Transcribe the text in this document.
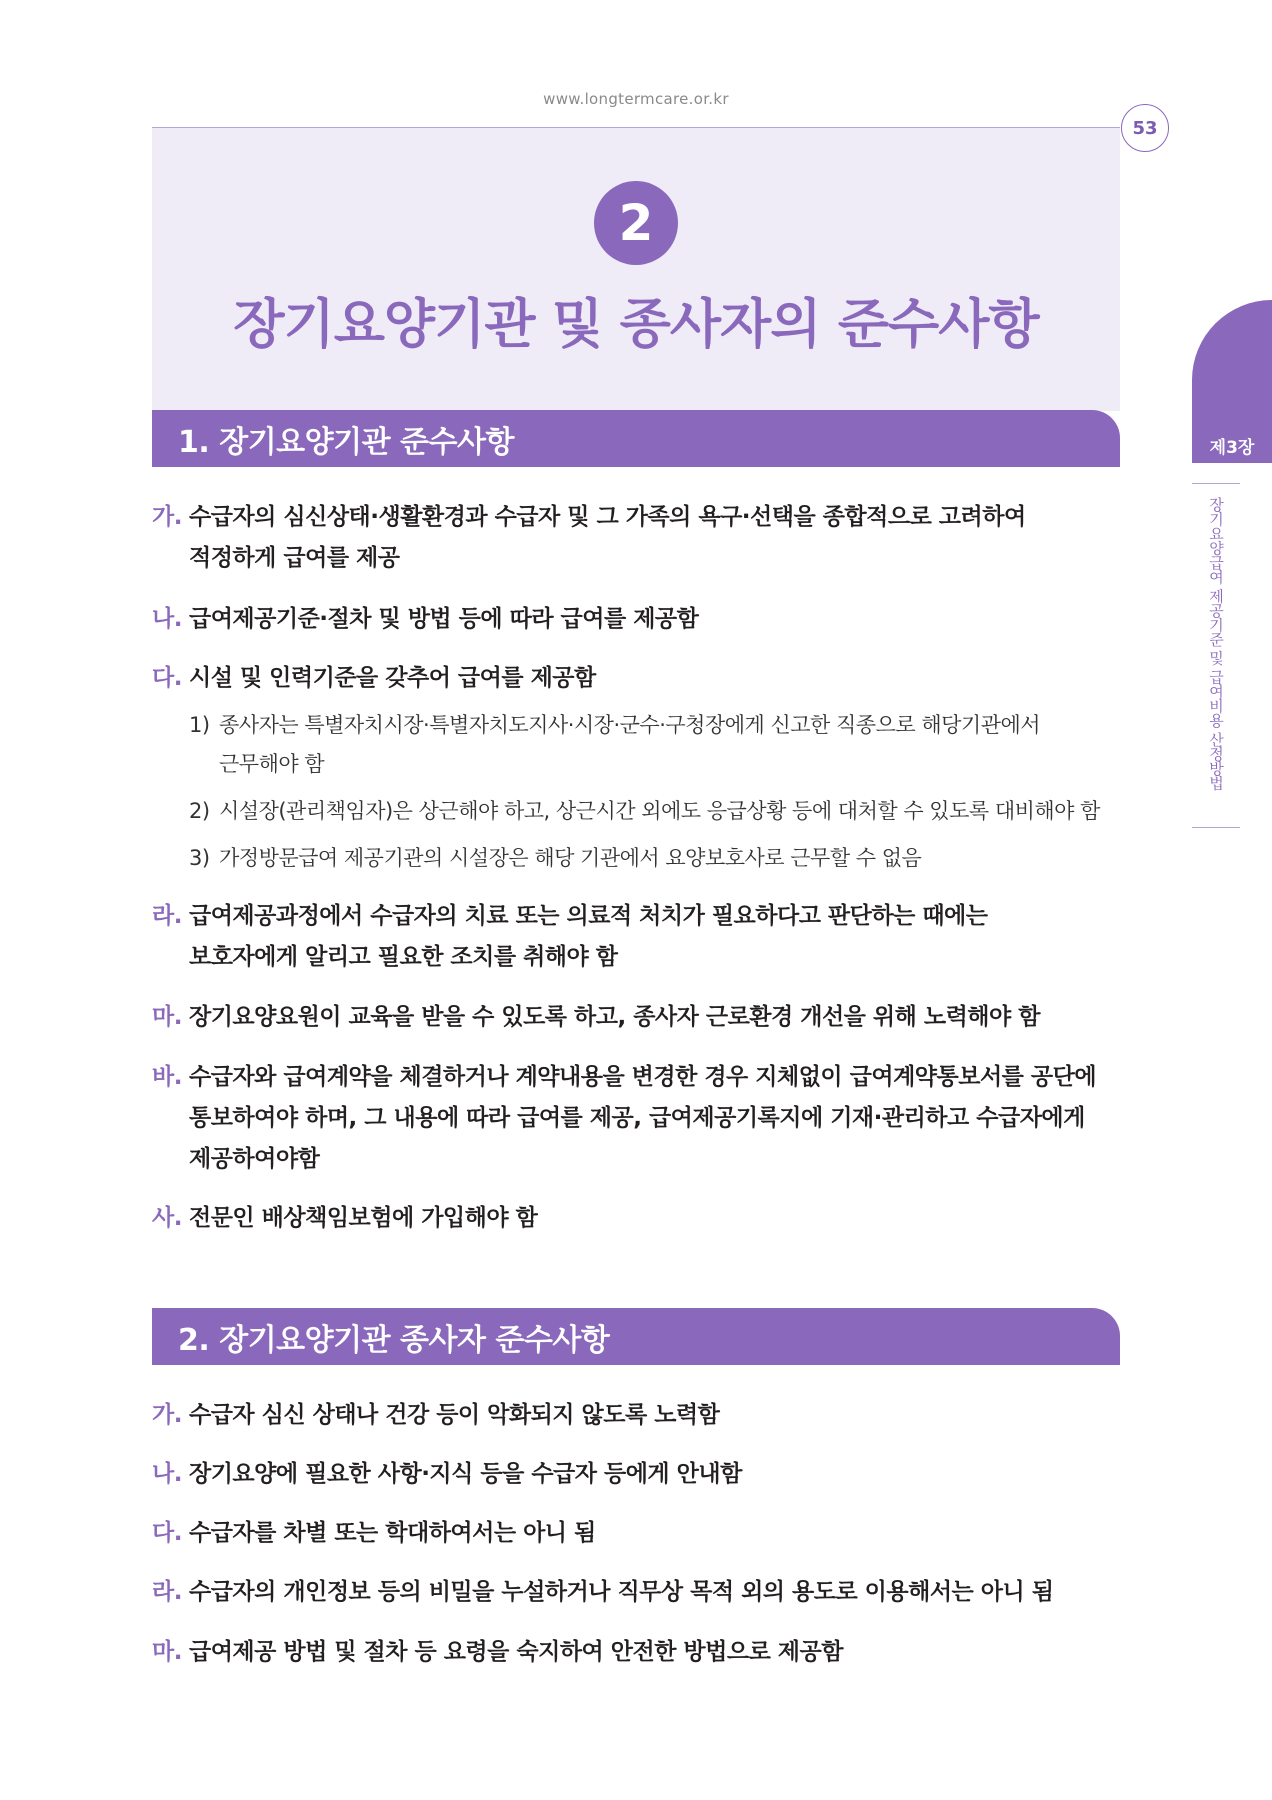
www.longtermcare.or.kr
53
2
장기요양기관 및 종사자의 준수사항
제3장
장기요양급여 제공기준 및 급여비용 산정방법
1. 장기요양기관 준수사항
가. 수급자의 심신상태·생활환경과 수급자 및 그 가족의 욕구·선택을 종합적으로 고려하여
적정하게 급여를 제공
나. 급여제공기준·절차 및 방법 등에 따라 급여를 제공함
다. 시설 및 인력기준을 갖추어 급여를 제공함
1) 종사자는 특별자치시장·특별자치도지사·시장·군수·구청장에게 신고한 직종으로 해당기관에서
근무해야 함
2) 시설장(관리책임자)은 상근해야 하고, 상근시간 외에도 응급상황 등에 대처할 수 있도록 대비해야 함
3) 가정방문급여 제공기관의 시설장은 해당 기관에서 요양보호사로 근무할 수 없음
라. 급여제공과정에서 수급자의 치료 또는 의료적 처치가 필요하다고 판단하는 때에는
보호자에게 알리고 필요한 조치를 취해야 함
마. 장기요양요원이 교육을 받을 수 있도록 하고, 종사자 근로환경 개선을 위해 노력해야 함
바. 수급자와 급여계약을 체결하거나 계약내용을 변경한 경우 지체없이 급여계약통보서를 공단에
통보하여야 하며, 그 내용에 따라 급여를 제공, 급여제공기록지에 기재·관리하고 수급자에게
제공하여야함
사. 전문인 배상책임보험에 가입해야 함
2. 장기요양기관 종사자 준수사항
가. 수급자 심신 상태나 건강 등이 악화되지 않도록 노력함
나. 장기요양에 필요한 사항·지식 등을 수급자 등에게 안내함
다. 수급자를 차별 또는 학대하여서는 아니 됨
라. 수급자의 개인정보 등의 비밀을 누설하거나 직무상 목적 외의 용도로 이용해서는 아니 됨
마. 급여제공 방법 및 절차 등 요령을 숙지하여 안전한 방법으로 제공함
